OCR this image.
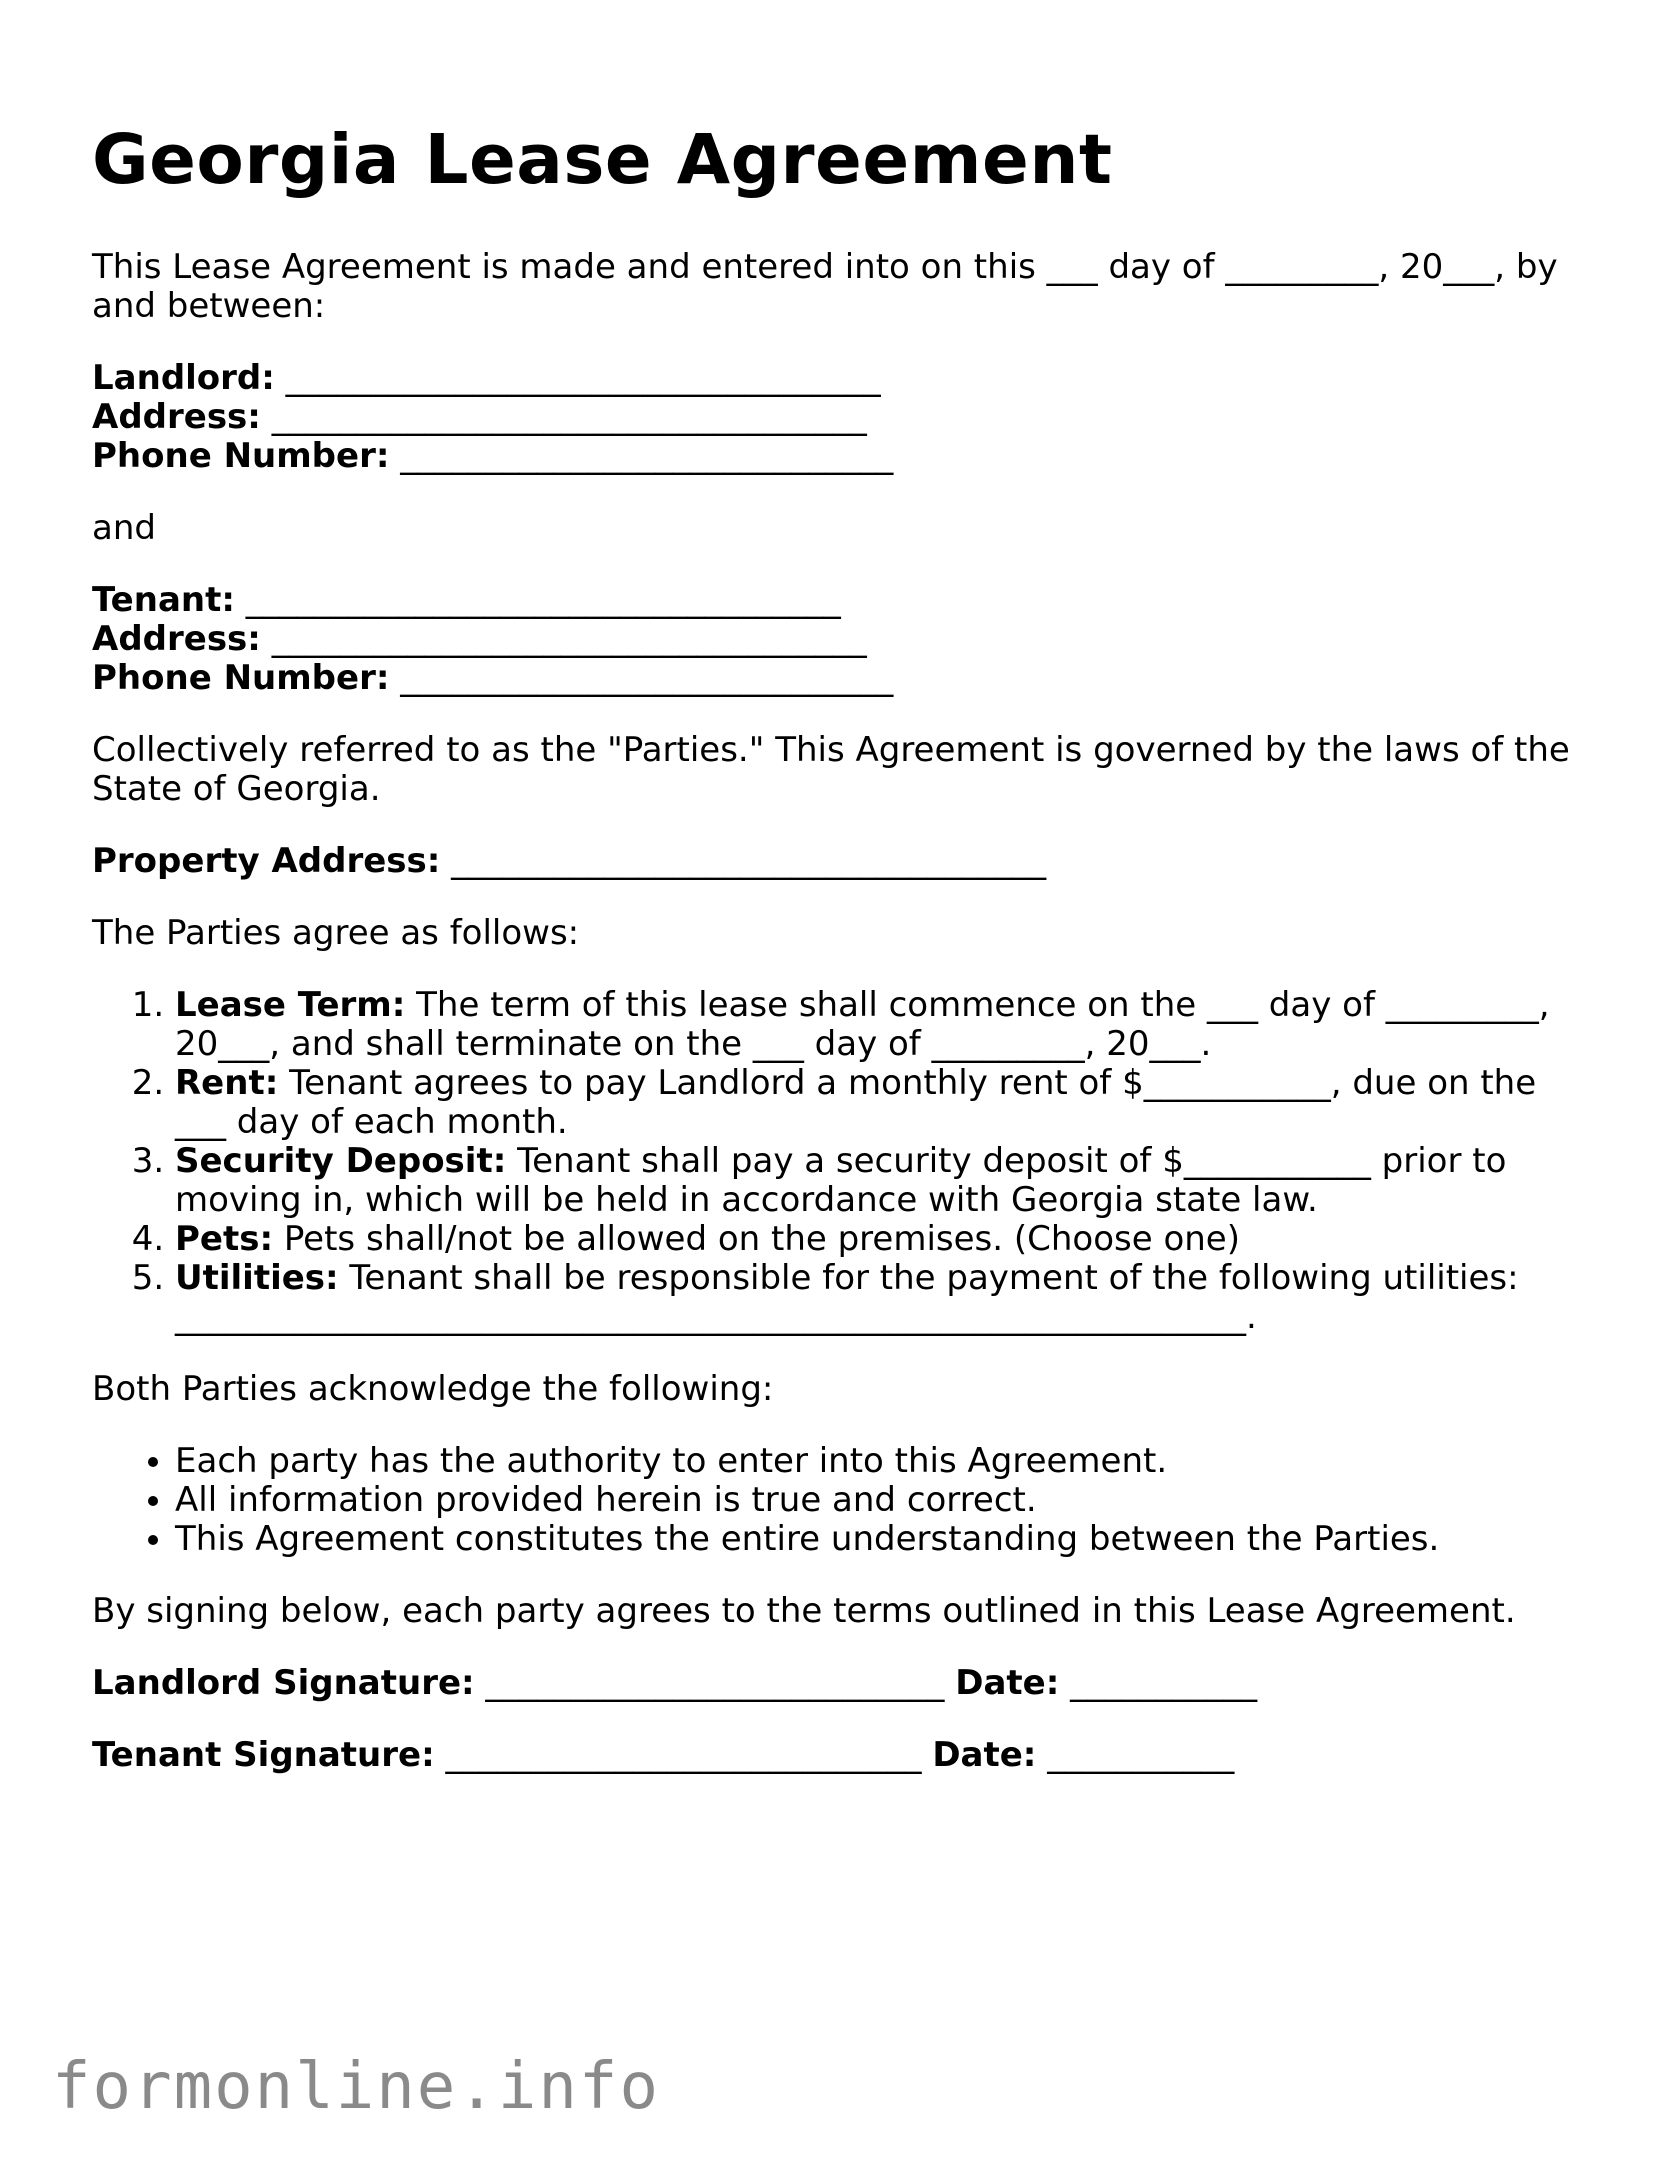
Georgia Lease Agreement

This Lease Agreement is made and entered into on this ___ day of _________, 20___, by and between:

Landlord: ___________________________________
Address: ___________________________________
Phone Number: _____________________________

and

Tenant: ___________________________________
Address: ___________________________________
Phone Number: _____________________________

Collectively referred to as the "Parties." This Agreement is governed by the laws of the State of Georgia.

Property Address: ___________________________________

The Parties agree as follows:

1. Lease Term: The term of this lease shall commence on the ___ day of _________, 20___, and shall terminate on the ___ day of _________, 20___.
2. Rent: Tenant agrees to pay Landlord a monthly rent of $___________, due on the ___ day of each month.
3. Security Deposit: Tenant shall pay a security deposit of $___________ prior to moving in, which will be held in accordance with Georgia state law.
4. Pets: Pets shall/not be allowed on the premises. (Choose one)
5. Utilities: Tenant shall be responsible for the payment of the following utilities: _______________________________________________________________.

Both Parties acknowledge the following:

• Each party has the authority to enter into this Agreement.
• All information provided herein is true and correct.
• This Agreement constitutes the entire understanding between the Parties.

By signing below, each party agrees to the terms outlined in this Lease Agreement.

Landlord Signature: ___________________________ Date: ___________
Tenant Signature: ____________________________ Date: ___________
formonline.info
